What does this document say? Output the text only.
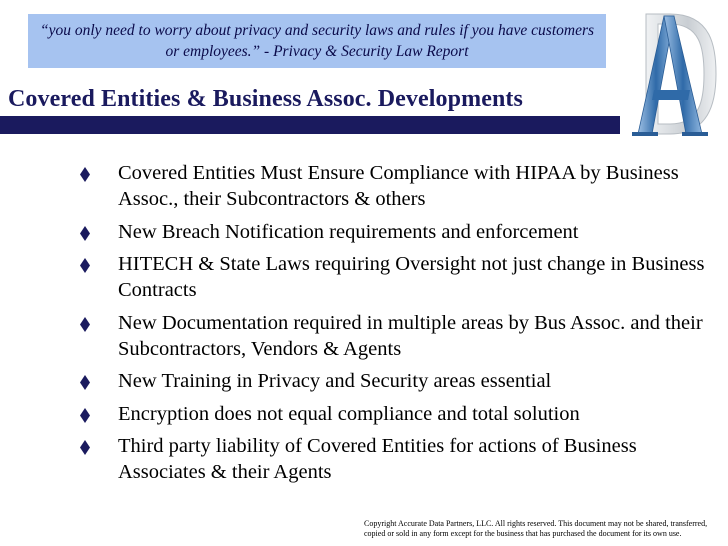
“you only need to worry about privacy and security laws and rules if you have customers or employees.” - Privacy & Security Law Report
Covered Entities & Business Assoc. Developments
Covered Entities Must Ensure Compliance with HIPAA by Business Assoc., their Subcontractors & others
New Breach Notification requirements and enforcement
HITECH & State Laws requiring Oversight not just change in Business Contracts
New Documentation required in multiple areas by Bus Assoc. and their Subcontractors, Vendors & Agents
New Training in Privacy and Security areas essential
Encryption does not equal compliance and total solution
Third party liability of Covered Entities for actions of Business Associates & their Agents
Copyright Accurate Data Partners, LLC. All rights reserved. This document may not be shared, transferred, copied or sold in any form except for the business that has purchased the document for its own use.
